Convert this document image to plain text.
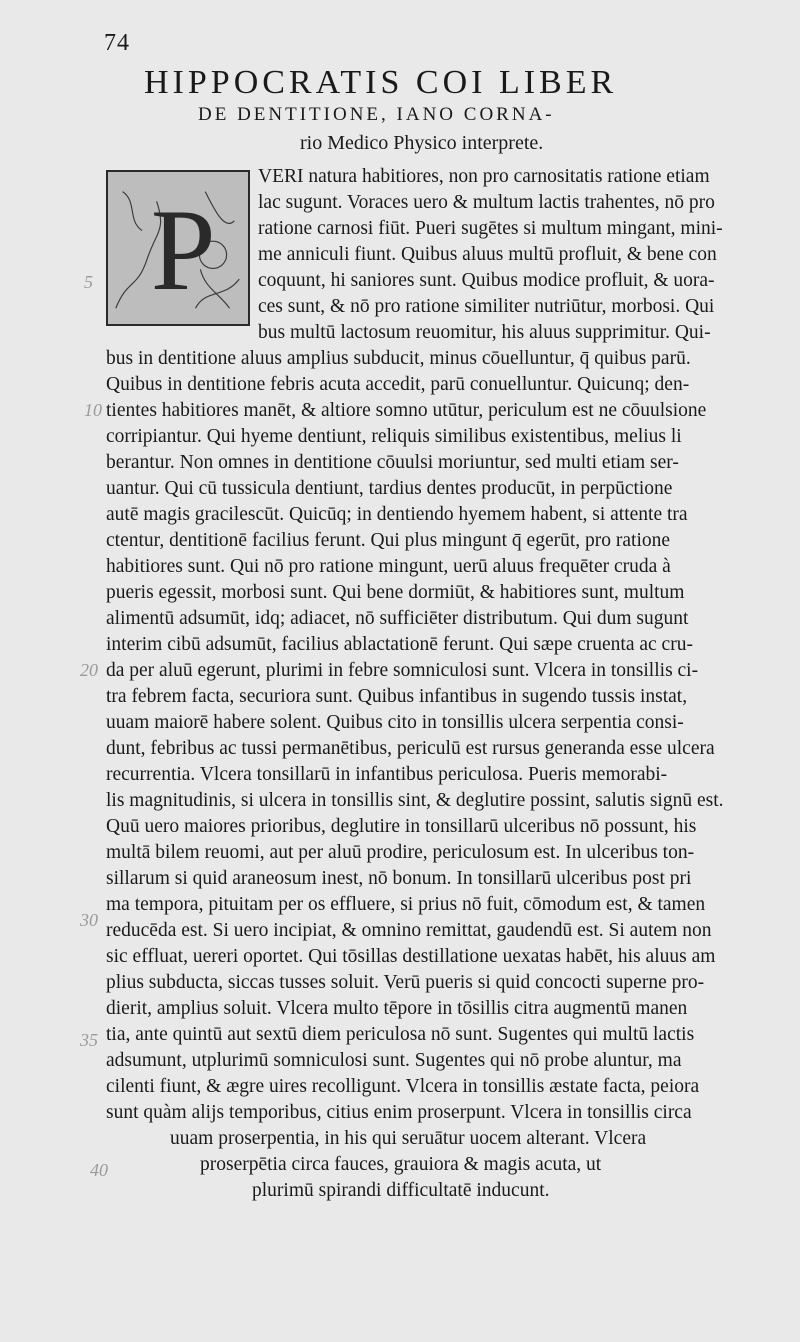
74
HIPPOCRATIS COI LIBER
DE DENTITIONE, IANO CORNA-
rio Medico Physico interprete.
P
VERI natura habitiores, non pro carnositatis ratione etiam
lac sugunt. Voraces uero & multum lactis trahentes, nō pro
ratione carnosi fiūt. Pueri sugētes si multum mingant, mini-
me anniculi fiunt. Quibus aluus multū profluit, & bene con
coquunt, hi saniores sunt. Quibus modice profluit, & uora-
ces sunt, & nō pro ratione similiter nutriūtur, morbosi. Qui
bus multū lactosum reuomitur, his aluus supprimitur. Qui-
bus in dentitione aluus amplius subducit, minus cōuelluntur, q̄ quibus parū.
Quibus in dentitione febris acuta accedit, parū conuelluntur. Quicunq; den-
tientes habitiores manēt, & altiore somno utūtur, periculum est ne cōuulsione
corripiantur. Qui hyeme dentiunt, reliquis similibus existentibus, melius li
berantur. Non omnes in dentitione cōuulsi moriuntur, sed multi etiam ser-
uantur. Qui cū tussicula dentiunt, tardius dentes producūt, in perpūctione
autē magis gracilescūt. Quicūq; in dentiendo hyemem habent, si attente tra
ctentur, dentitionē facilius ferunt. Qui plus mingunt q̄ egerūt, pro ratione
habitiores sunt. Qui nō pro ratione mingunt, uerū aluus frequēter cruda à
pueris egessit, morbosi sunt. Qui bene dormiūt, & habitiores sunt, multum
alimentū adsumūt, idq; adiacet, nō sufficiēter distributum. Qui dum sugunt
interim cibū adsumūt, facilius ablactationē ferunt. Qui sæpe cruenta ac cru-
da per aluū egerunt, plurimi in febre somniculosi sunt. Vlcera in tonsillis ci-
tra febrem facta, securiora sunt. Quibus infantibus in sugendo tussis instat,
uuam maiorē habere solent. Quibus cito in tonsillis ulcera serpentia consi-
dunt, febribus ac tussi permanētibus, periculū est rursus generanda esse ulcera
recurrentia. Vlcera tonsillarū in infantibus periculosa. Pueris memorabi-
lis magnitudinis, si ulcera in tonsillis sint, & deglutire possint, salutis signū est.
Quū uero maiores prioribus, deglutire in tonsillarū ulceribus nō possunt, his
multā bilem reuomi, aut per aluū prodire, periculosum est. In ulceribus ton-
sillarum si quid araneosum inest, nō bonum. In tonsillarū ulceribus post pri
ma tempora, pituitam per os effluere, si prius nō fuit, cōmodum est, & tamen
reducēda est. Si uero incipiat, & omnino remittat, gaudendū est. Si autem non
sic effluat, uereri oportet. Qui tōsillas destillatione uexatas habēt, his aluus am
plius subducta, siccas tusses soluit. Verū pueris si quid concocti superne pro-
dierit, amplius soluit. Vlcera multo tēpore in tōsillis citra augmentū manen
tia, ante quintū aut sextū diem periculosa nō sunt. Sugentes qui multū lactis
adsumunt, utplurimū somniculosi sunt. Sugentes qui nō probe aluntur, ma
cilenti fiunt, & ægre uires recolligunt. Vlcera in tonsillis æstate facta, peiora
sunt quàm alijs temporibus, citius enim proserpunt. Vlcera in tonsillis circa
uuam proserpentia, in his qui seruātur uocem alterant. Vlcera
proserpētia circa fauces, grauiora & magis acuta, ut
plurimū spirandi difficultatē inducunt.
5
10
20
30
35
40
